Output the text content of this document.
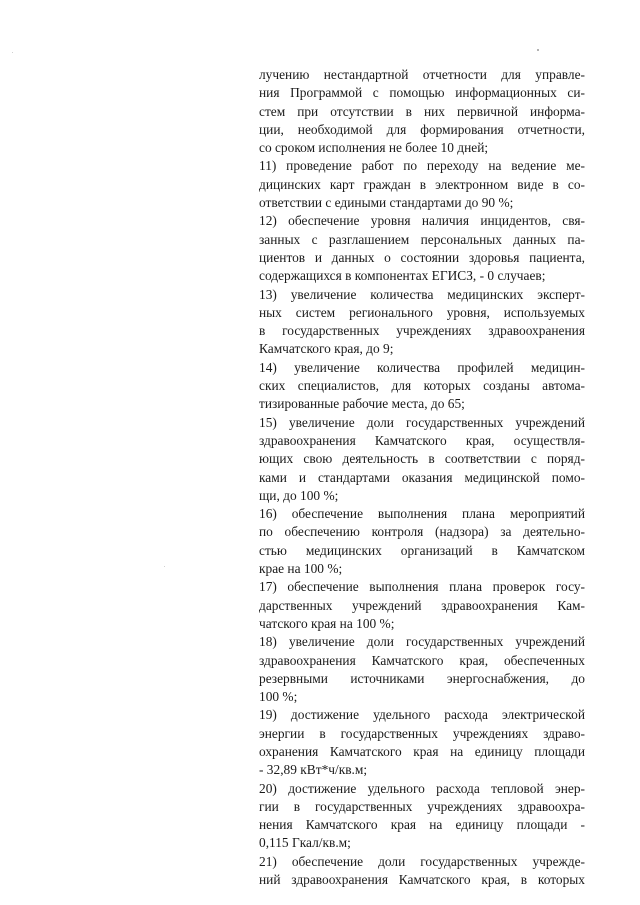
лучению нестандартной отчетности для управле-
ния Программой с помощью информационных си-
стем при отсутствии в них первичной информа-
ции, необходимой для формирования отчетности,
со сроком исполнения не более 10 дней;
11) проведение работ по переходу на ведение ме-
дицинских карт граждан в электронном виде в со-
ответствии с едиными стандартами до 90 %;
12) обеспечение уровня наличия инцидентов, свя-
занных с разглашением персональных данных па-
циентов и данных о состоянии здоровья пациента,
содержащихся в компонентах ЕГИСЗ, - 0 случаев;
13) увеличение количества медицинских эксперт-
ных систем регионального уровня, используемых
в государственных учреждениях здравоохранения
Камчатского края, до 9;
14) увеличение количества профилей медицин-
ских специалистов, для которых созданы автома-
тизированные рабочие места, до 65;
15) увеличение доли государственных учреждений
здравоохранения Камчатского края, осуществля-
ющих свою деятельность в соответствии с поряд-
ками и стандартами оказания медицинской помо-
щи, до 100 %;
16) обеспечение выполнения плана мероприятий
по обеспечению контроля (надзора) за деятельно-
стью медицинских организаций в Камчатском
крае на 100 %;
17) обеспечение выполнения плана проверок госу-
дарственных учреждений здравоохранения Кам-
чатского края на 100 %;
18) увеличение доли государственных учреждений
здравоохранения Камчатского края, обеспеченных
резервными источниками энергоснабжения, до
100 %;
19) достижение удельного расхода электрической
энергии в государственных учреждениях здраво-
охранения Камчатского края на единицу площади
- 32,89 кВт*ч/кв.м;
20) достижение удельного расхода тепловой энер-
гии в государственных учреждениях здравоохра-
нения Камчатского края на единицу площади -
0,115 Гкал/кв.м;
21) обеспечение доли государственных учрежде-
ний здравоохранения Камчатского края, в которых
